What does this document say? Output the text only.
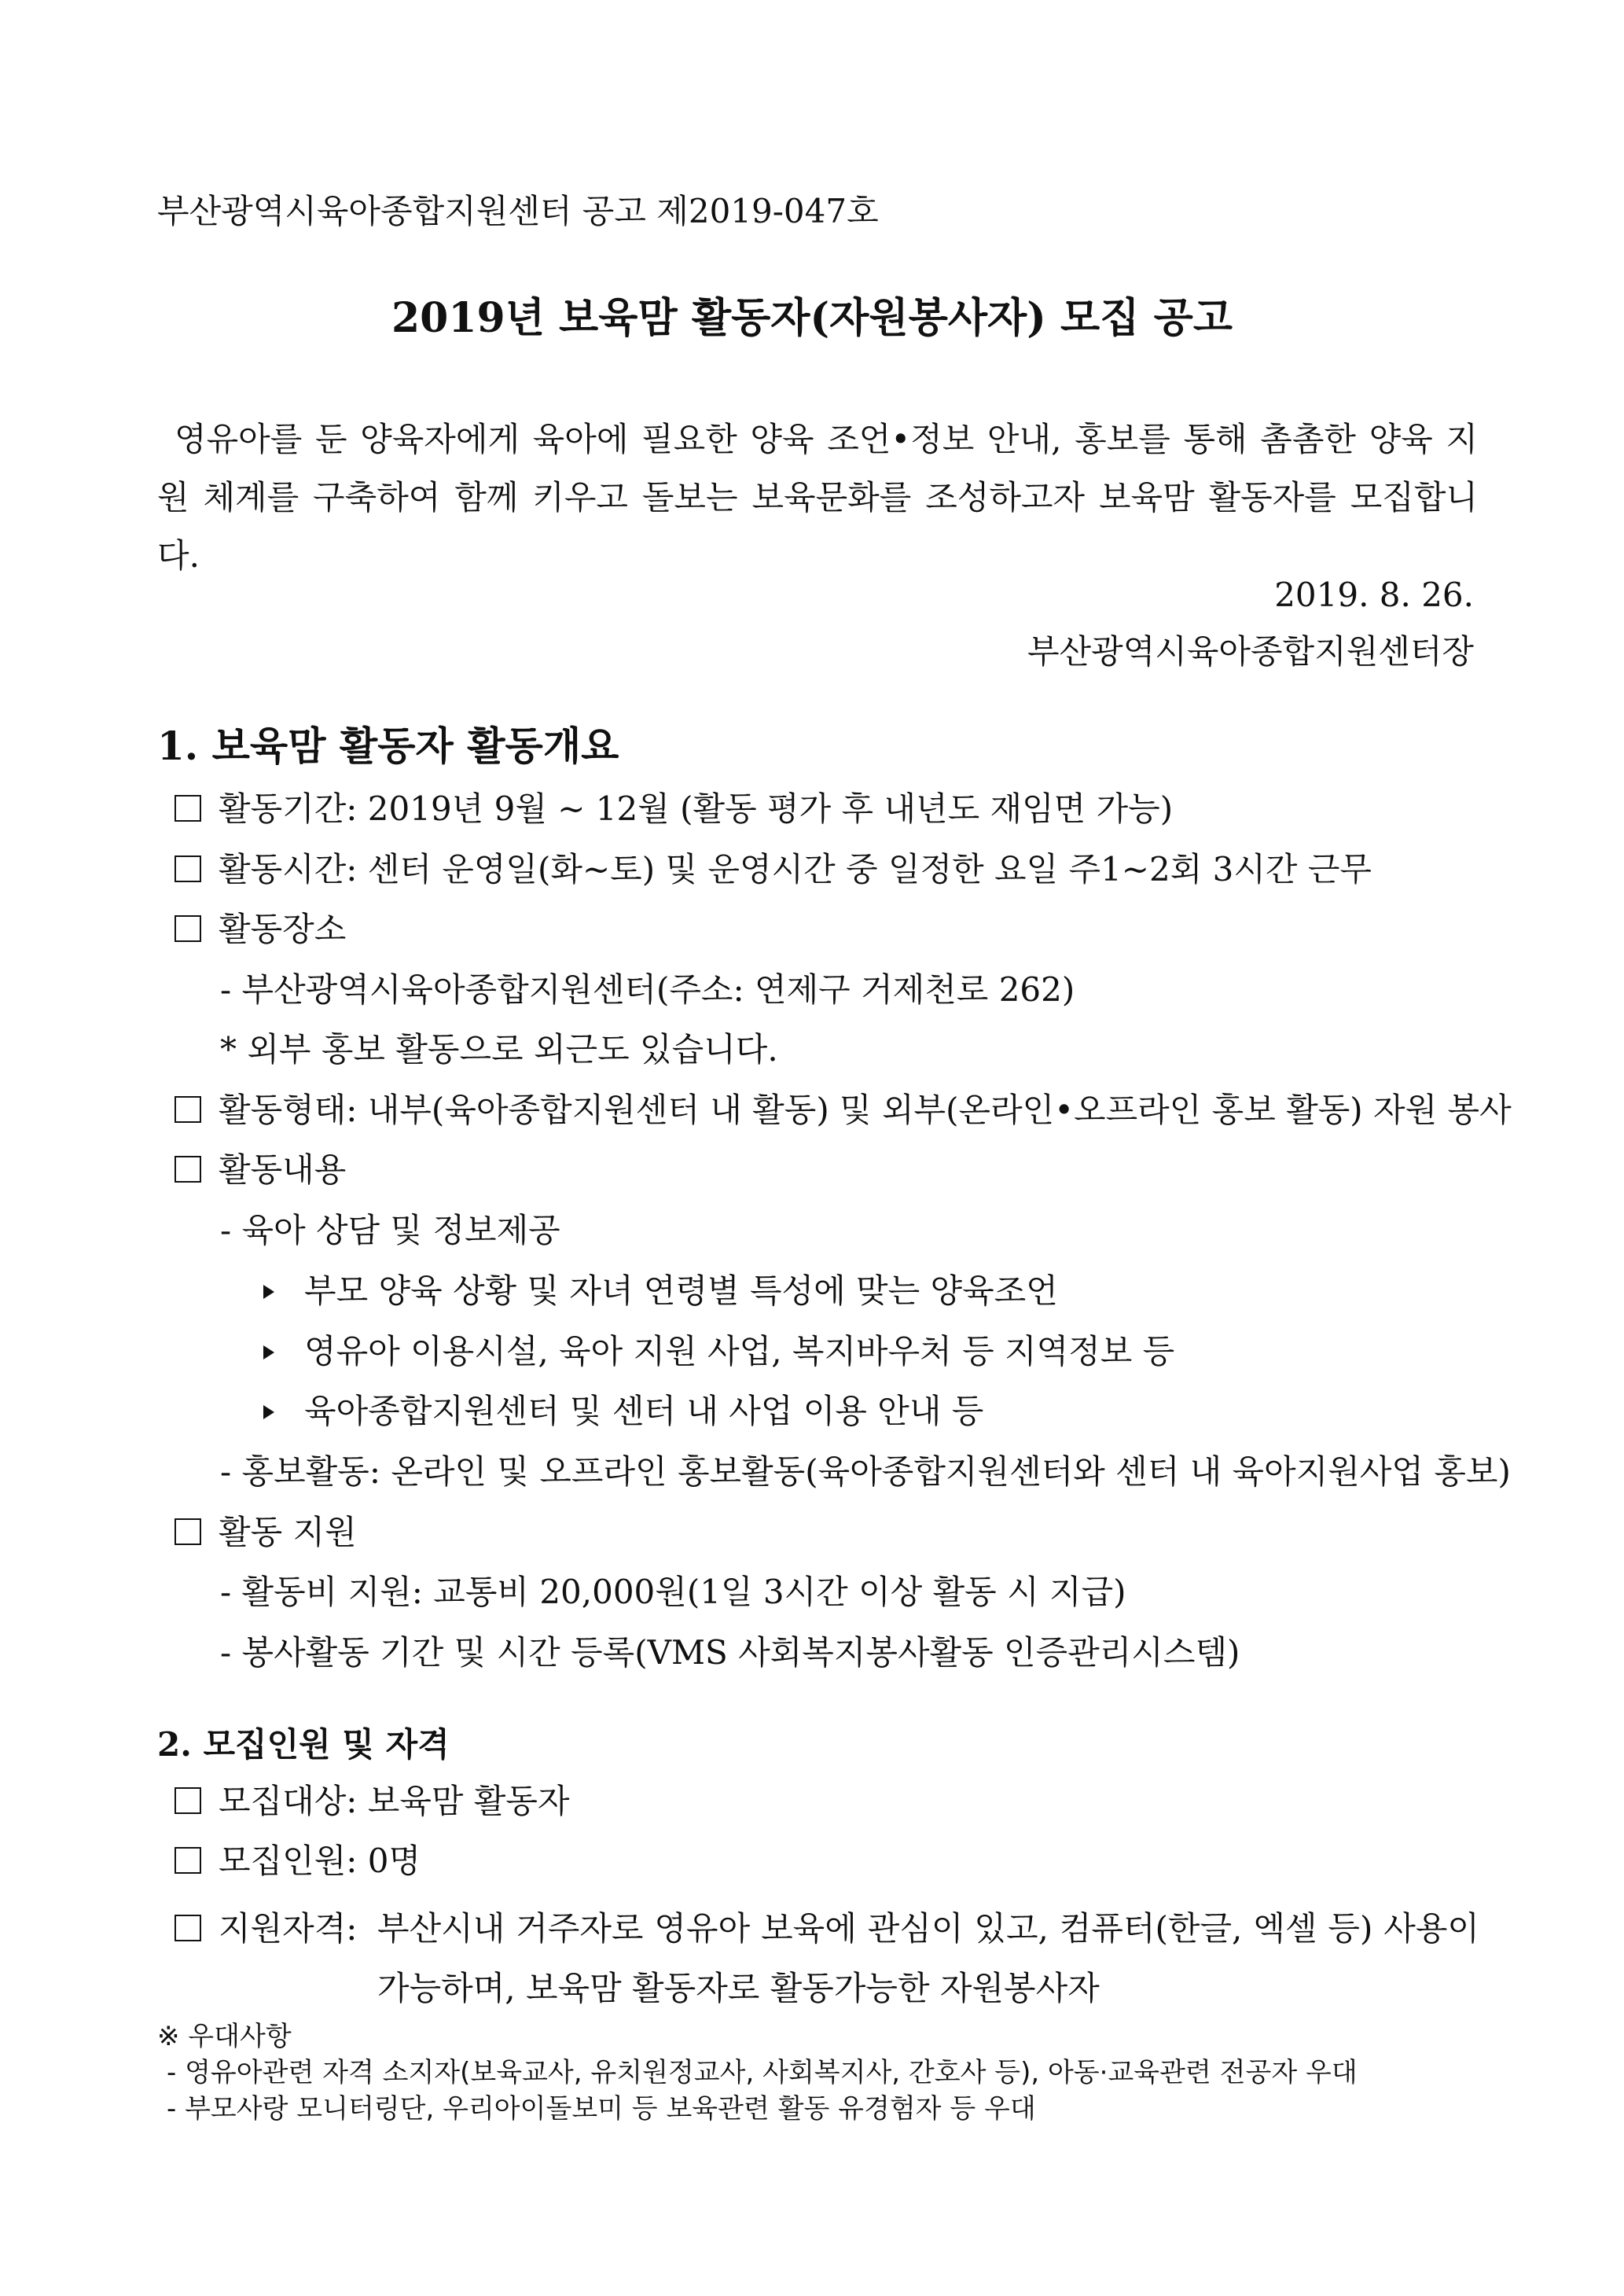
부산광역시육아종합지원센터 공고 제2019-047호
2019년 보육맘 활동자(자원봉사자) 모집 공고

영유아를 둔 양육자에게 육아에 필요한 양육 조언•정보 안내, 홍보를 통해 촘촘한 양육 지원 체계를 구축하여 함께 키우고 돌보는 보육문화를 조성하고자 보육맘 활동자를 모집합니다.

2019. 8. 26.
부산광역시육아종합지원센터장
1. 보육맘 활동자 활동개요
활동기간: 2019년 9월 ~ 12월 (활동 평가 후 내년도 재임면 가능)
활동시간: 센터 운영일(화~토) 및 운영시간 중 일정한 요일 주1~2회 3시간 근무
활동장소
- 부산광역시육아종합지원센터(주소: 연제구 거제천로 262)
* 외부 홍보 활동으로 외근도 있습니다.
활동형태: 내부(육아종합지원센터 내 활동) 및 외부(온라인•오프라인 홍보 활동) 자원 봉사
활동내용
- 육아 상담 및 정보제공
부모 양육 상황 및 자녀 연령별 특성에 맞는 양육조언
영유아 이용시설, 육아 지원 사업, 복지바우처 등 지역정보 등
육아종합지원센터 및 센터 내 사업 이용 안내 등
- 홍보활동: 온라인 및 오프라인 홍보활동(육아종합지원센터와 센터 내 육아지원사업 홍보)
활동 지원
- 활동비 지원: 교통비 20,000원(1일 3시간 이상 활동 시 지급)
- 봉사활동 기간 및 시간 등록(VMS 사회복지봉사활동 인증관리시스템)
2. 모집인원 및 자격
모집대상: 보육맘 활동자
모집인원: 0명
지원자격: 부산시내 거주자로 영유아 보육에 관심이 있고, 컴퓨터(한글, 엑셀 등) 사용이 가능하며, 보육맘 활동자로 활동가능한 자원봉사자
※ 우대사항
- 영유아관련 자격 소지자(보육교사, 유치원정교사, 사회복지사, 간호사 등), 아동·교육관련 전공자 우대
- 부모사랑 모니터링단, 우리아이돌보미 등 보육관련 활동 유경험자 등 우대
